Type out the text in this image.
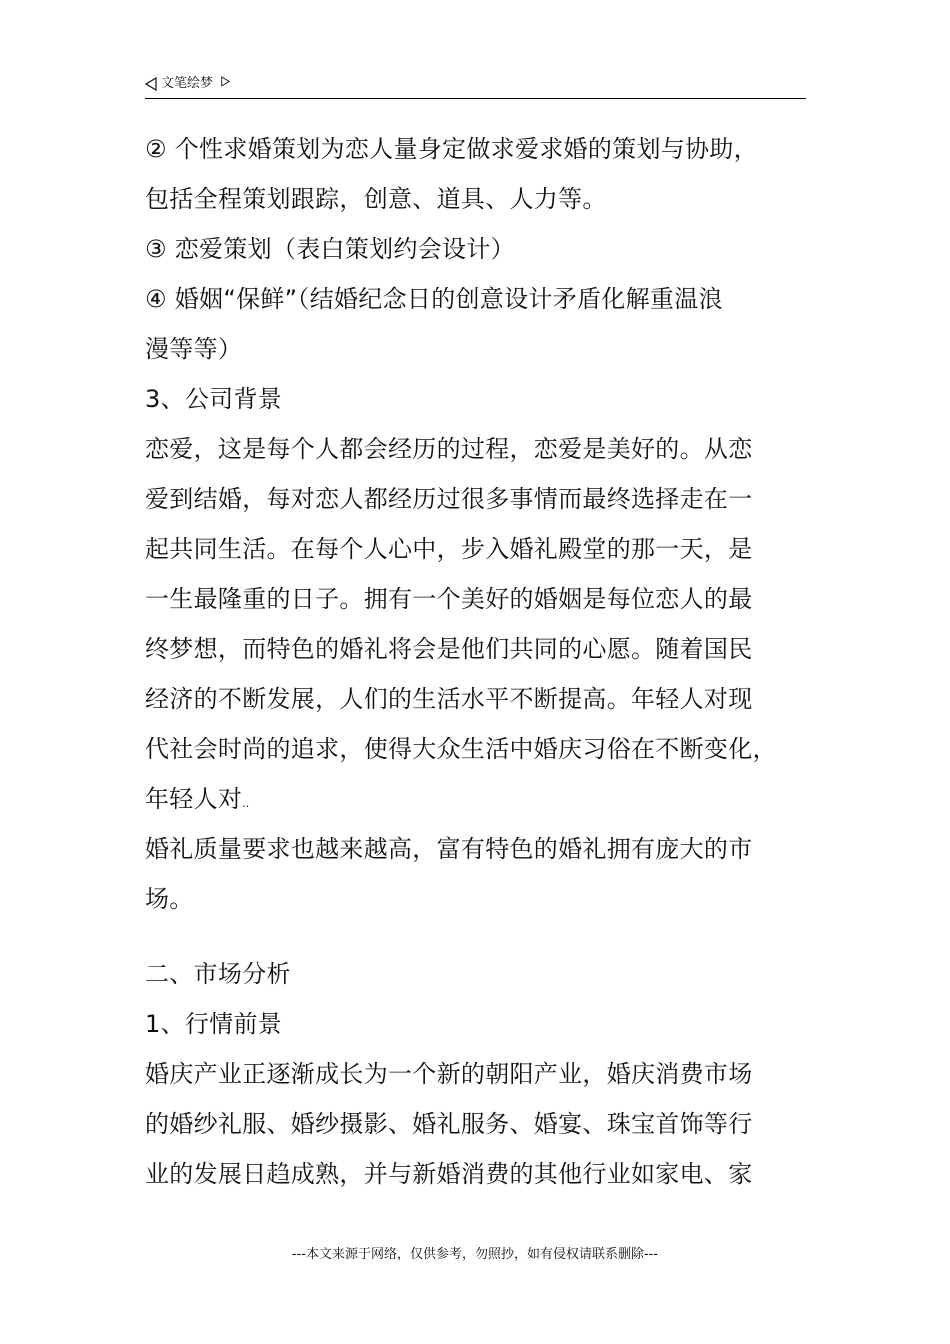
文笔绘梦
② 个性求婚策划为恋人量身定做求爱求婚的策划与协助，
包括全程策划跟踪，创意、道具、人力等。
③ 恋爱策划（表白策划约会设计）
④ 婚姻“保鲜”（结婚纪念日的创意设计矛盾化解重温浪
漫等等）
3、公司背景
恋爱，这是每个人都会经历的过程，恋爱是美好的。从恋
爱到结婚，每对恋人都经历过很多事情而最终选择走在一
起共同生活。在每个人心中，步入婚礼殿堂的那一天，是
一生最隆重的日子。拥有一个美好的婚姻是每位恋人的最
终梦想，而特色的婚礼将会是他们共同的心愿。随着国民
经济的不断发展，人们的生活水平不断提高。年轻人对现
代社会时尚的追求，使得大众生活中婚庆习俗在不断变化，
年轻人对..
婚礼质量要求也越来越高，富有特色的婚礼拥有庞大的市
场。
二、市场分析
1、行情前景
婚庆产业正逐渐成长为一个新的朝阳产业，婚庆消费市场
的婚纱礼服、婚纱摄影、婚礼服务、婚宴、珠宝首饰等行
业的发展日趋成熟，并与新婚消费的其他行业如家电、家
---本文来源于网络，仅供参考，勿照抄，如有侵权请联系删除---
